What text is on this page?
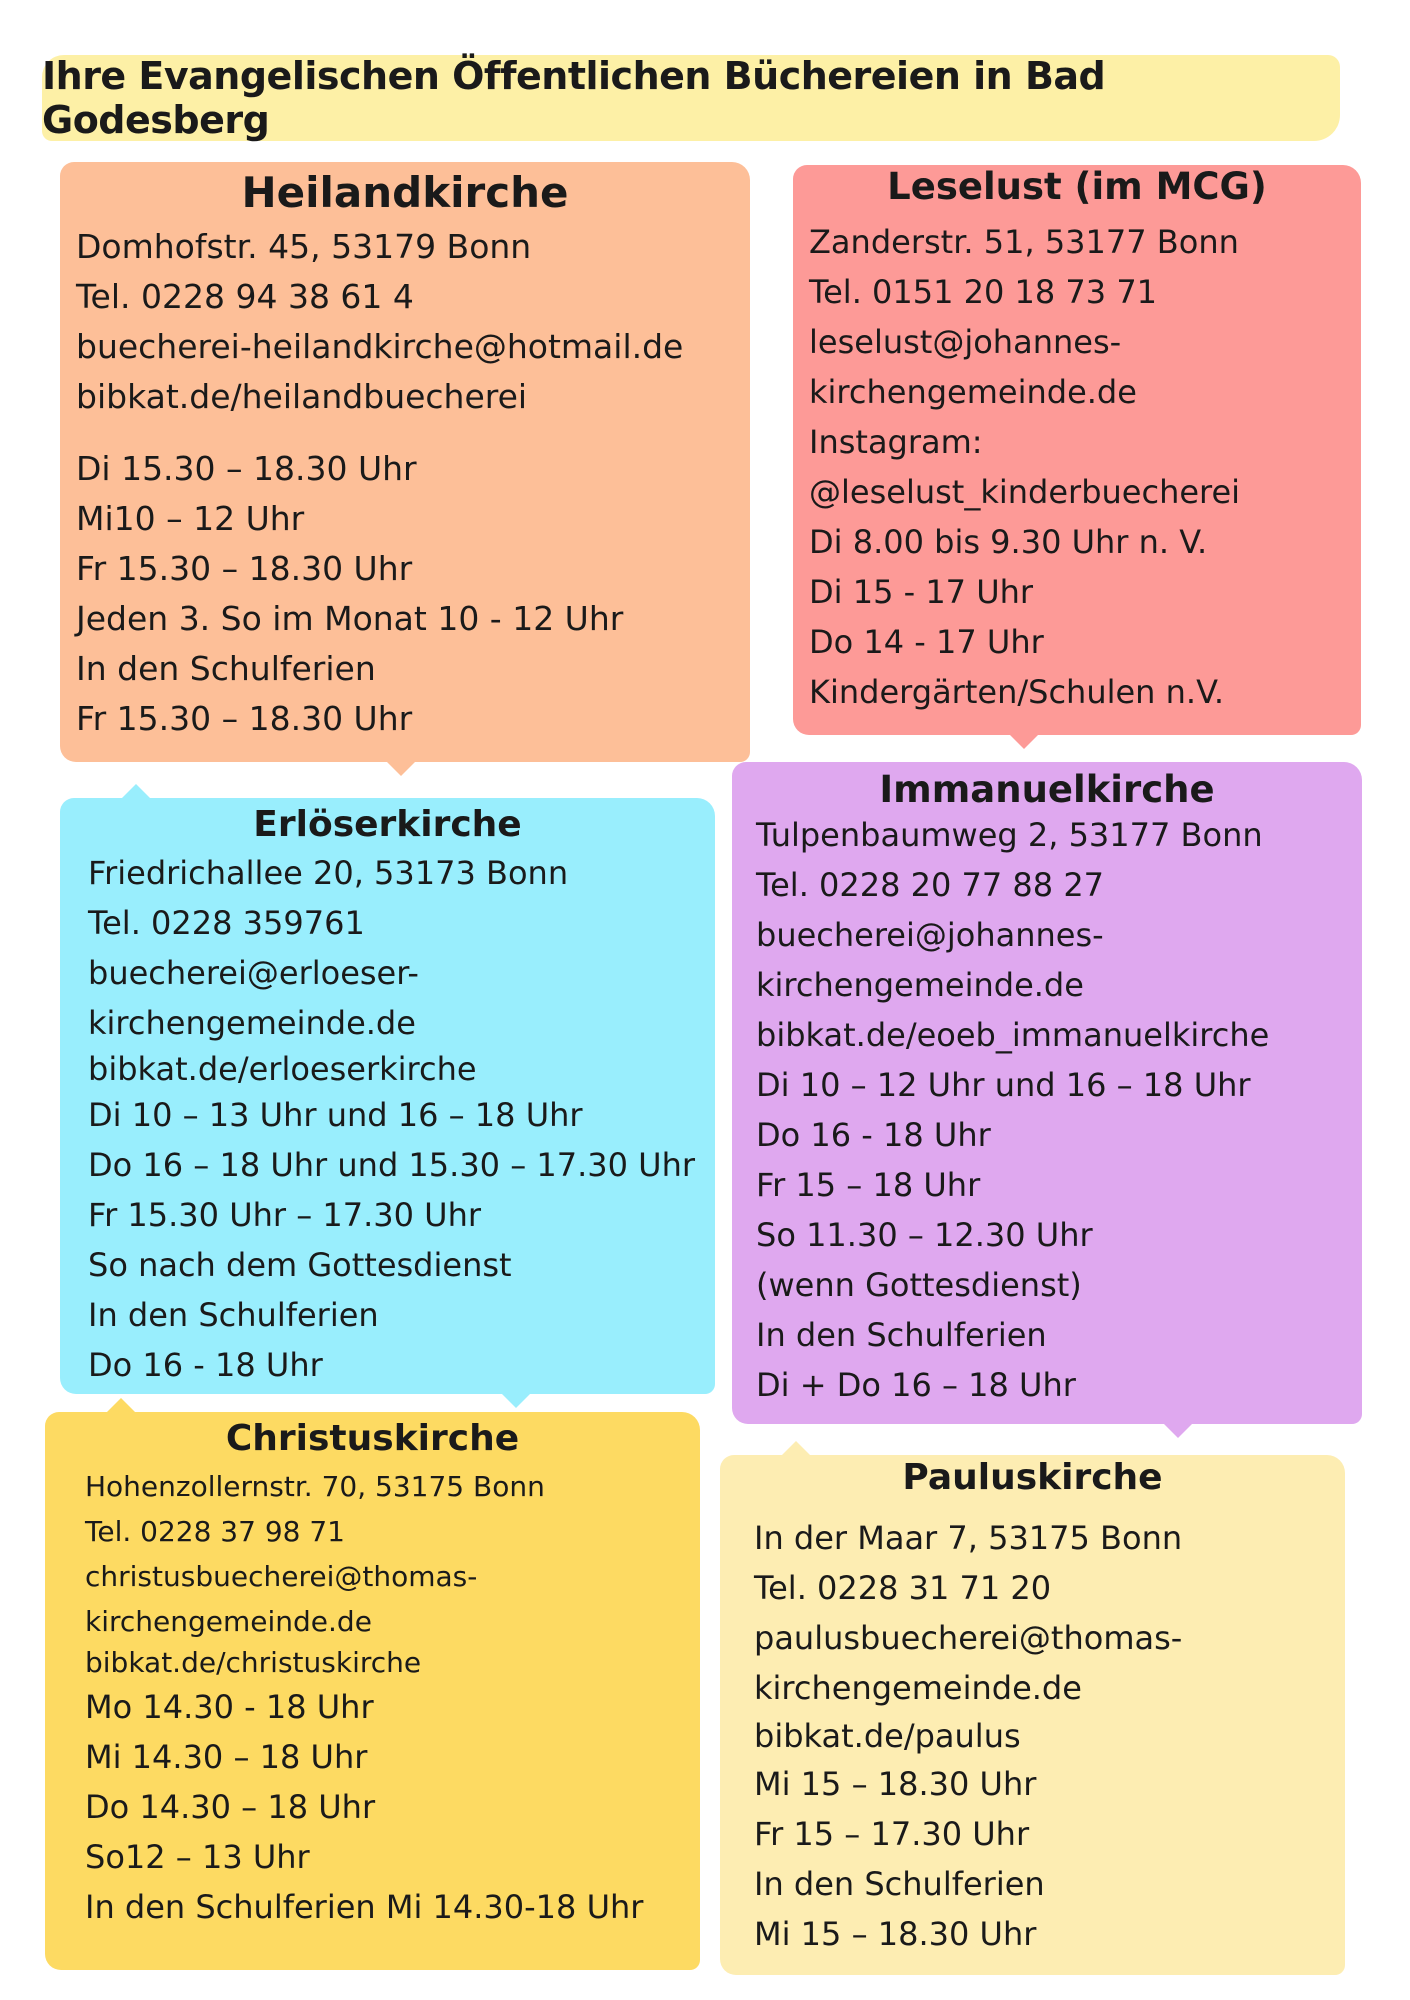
Ihre Evangelischen Öffentlichen Büchereien in Bad Godesberg
Heilandkirche
Domhofstr. 45, 53179 Bonn
Tel. 0228 94 38 61 4
buecherei-heilandkirche@hotmail.de
bibkat.de/heilandbuecherei
Di 15.30 – 18.30 Uhr
Mi10 – 12 Uhr
Fr 15.30 – 18.30 Uhr
Jeden 3. So im Monat 10 - 12 Uhr
In den Schulferien
Fr 15.30 – 18.30 Uhr
Leselust (im MCG)
Zanderstr. 51, 53177 Bonn
Tel. 0151 20 18 73 71
leselust@johannes-
kirchengemeinde.de
Instagram:
@leselust_kinderbuecherei
Di 8.00 bis 9.30 Uhr n. V.
Di 15 - 17 Uhr
Do 14 - 17 Uhr
Kindergärten/Schulen n.V.
Erlöserkirche
Friedrichallee 20, 53173 Bonn
Tel. 0228 359761
buecherei@erloeser-
kirchengemeinde.de
bibkat.de/erloeserkirche
Di 10 – 13 Uhr und 16 – 18 Uhr
Do 16 – 18 Uhr und 15.30 – 17.30 Uhr
Fr 15.30 Uhr – 17.30 Uhr
So nach dem Gottesdienst
In den Schulferien
Do 16 - 18 Uhr
Immanuelkirche
Tulpenbaumweg 2, 53177 Bonn
Tel. 0228 20 77 88 27
buecherei@johannes-
kirchengemeinde.de
bibkat.de/eoeb_immanuelkirche
Di 10 – 12 Uhr und 16 – 18 Uhr
Do 16 - 18 Uhr
Fr 15 – 18 Uhr
So 11.30 – 12.30 Uhr
(wenn Gottesdienst)
In den Schulferien
Di + Do 16 – 18 Uhr
Christuskirche
Hohenzollernstr. 70, 53175 Bonn
Tel. 0228 37 98 71
christusbuecherei@thomas-
kirchengemeinde.de
bibkat.de/christuskirche
Mo 14.30 - 18 Uhr
Mi 14.30 – 18 Uhr
Do 14.30 – 18 Uhr
So12 – 13 Uhr
In den Schulferien Mi 14.30-18 Uhr
Pauluskirche
In der Maar 7, 53175 Bonn
Tel. 0228 31 71 20
paulusbuecherei@thomas-
kirchengemeinde.de
bibkat.de/paulus
Mi 15 – 18.30 Uhr
Fr 15 – 17.30 Uhr
In den Schulferien
Mi 15 – 18.30 Uhr
